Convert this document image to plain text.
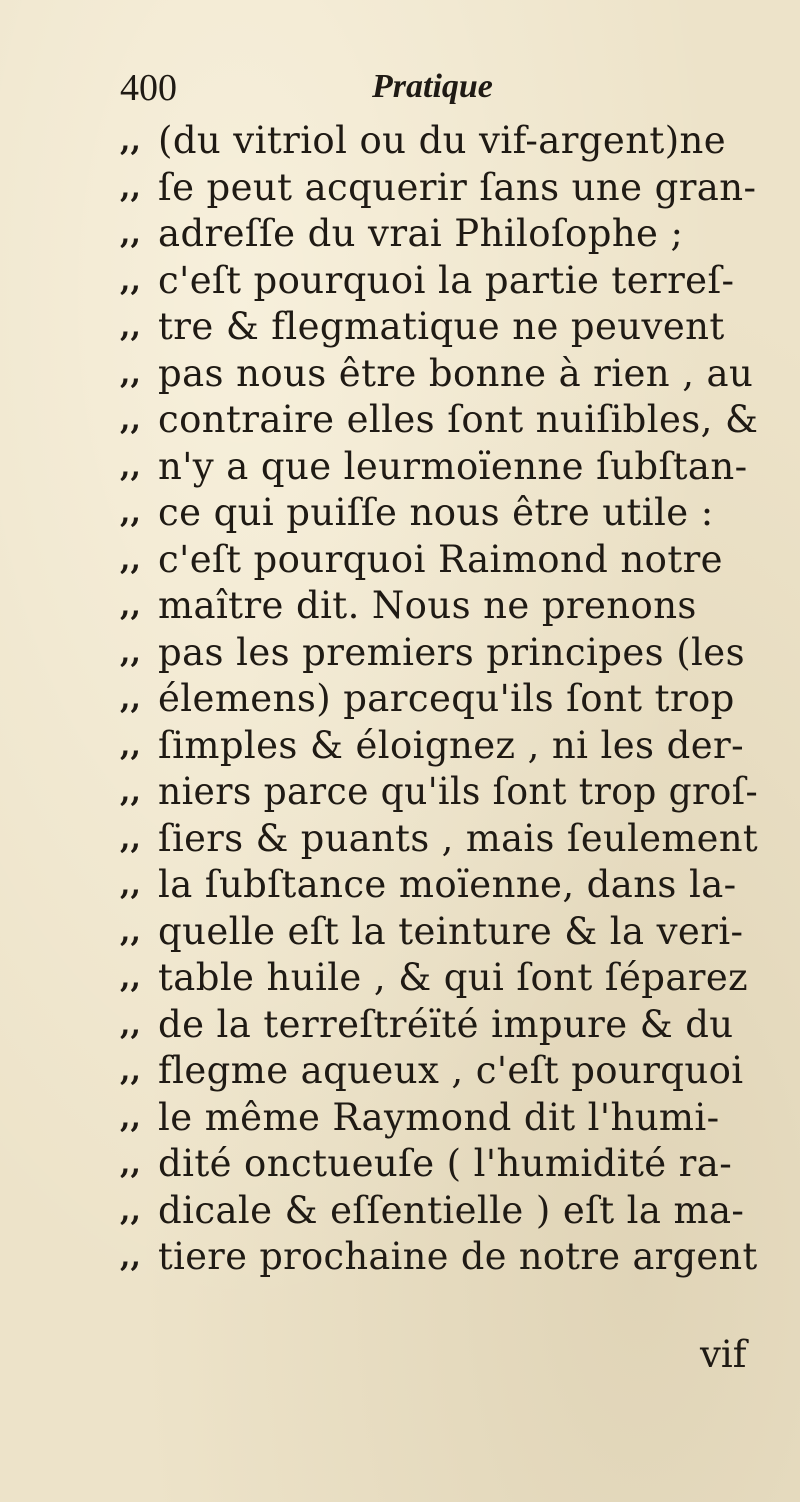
400	Pratique
,, (du vitriol ou du vif-argent)ne
,, ſe peut acquerir ſans une gran-
,, adreſſe du vrai Philoſophe ;
,, c'eſt pourquoi la partie terreſ-
,, tre & flegmatique ne peuvent
,, pas nous être bonne à rien , au
,, contraire elles ſont nuiſibles, &
,, n'y a que leurmoïenne ſubſtan-
,, ce qui puiſſe nous être utile :
,, c'eſt pourquoi Raimond notre
,, maître dit. Nous ne prenons
,, pas les premiers principes (les
,, élemens) parcequ'ils ſont trop
,, ſimples & éloignez , ni les der-
,, niers parce qu'ils ſont trop groſ-
,, ſiers & puants , mais ſeulement
,, la ſubſtance moïenne, dans la-
,, quelle eſt la teinture & la veri-
,, table huile , & qui ſont ſéparez
,, de la terreſtréïté impure & du
,, flegme aqueux , c'eſt pourquoi
,, le même Raymond dit l'humi-
,, dité onctueuſe ( l'humidité ra-
,, dicale & eſſentielle ) eſt la ma-
,, tiere prochaine de notre argent
vif
